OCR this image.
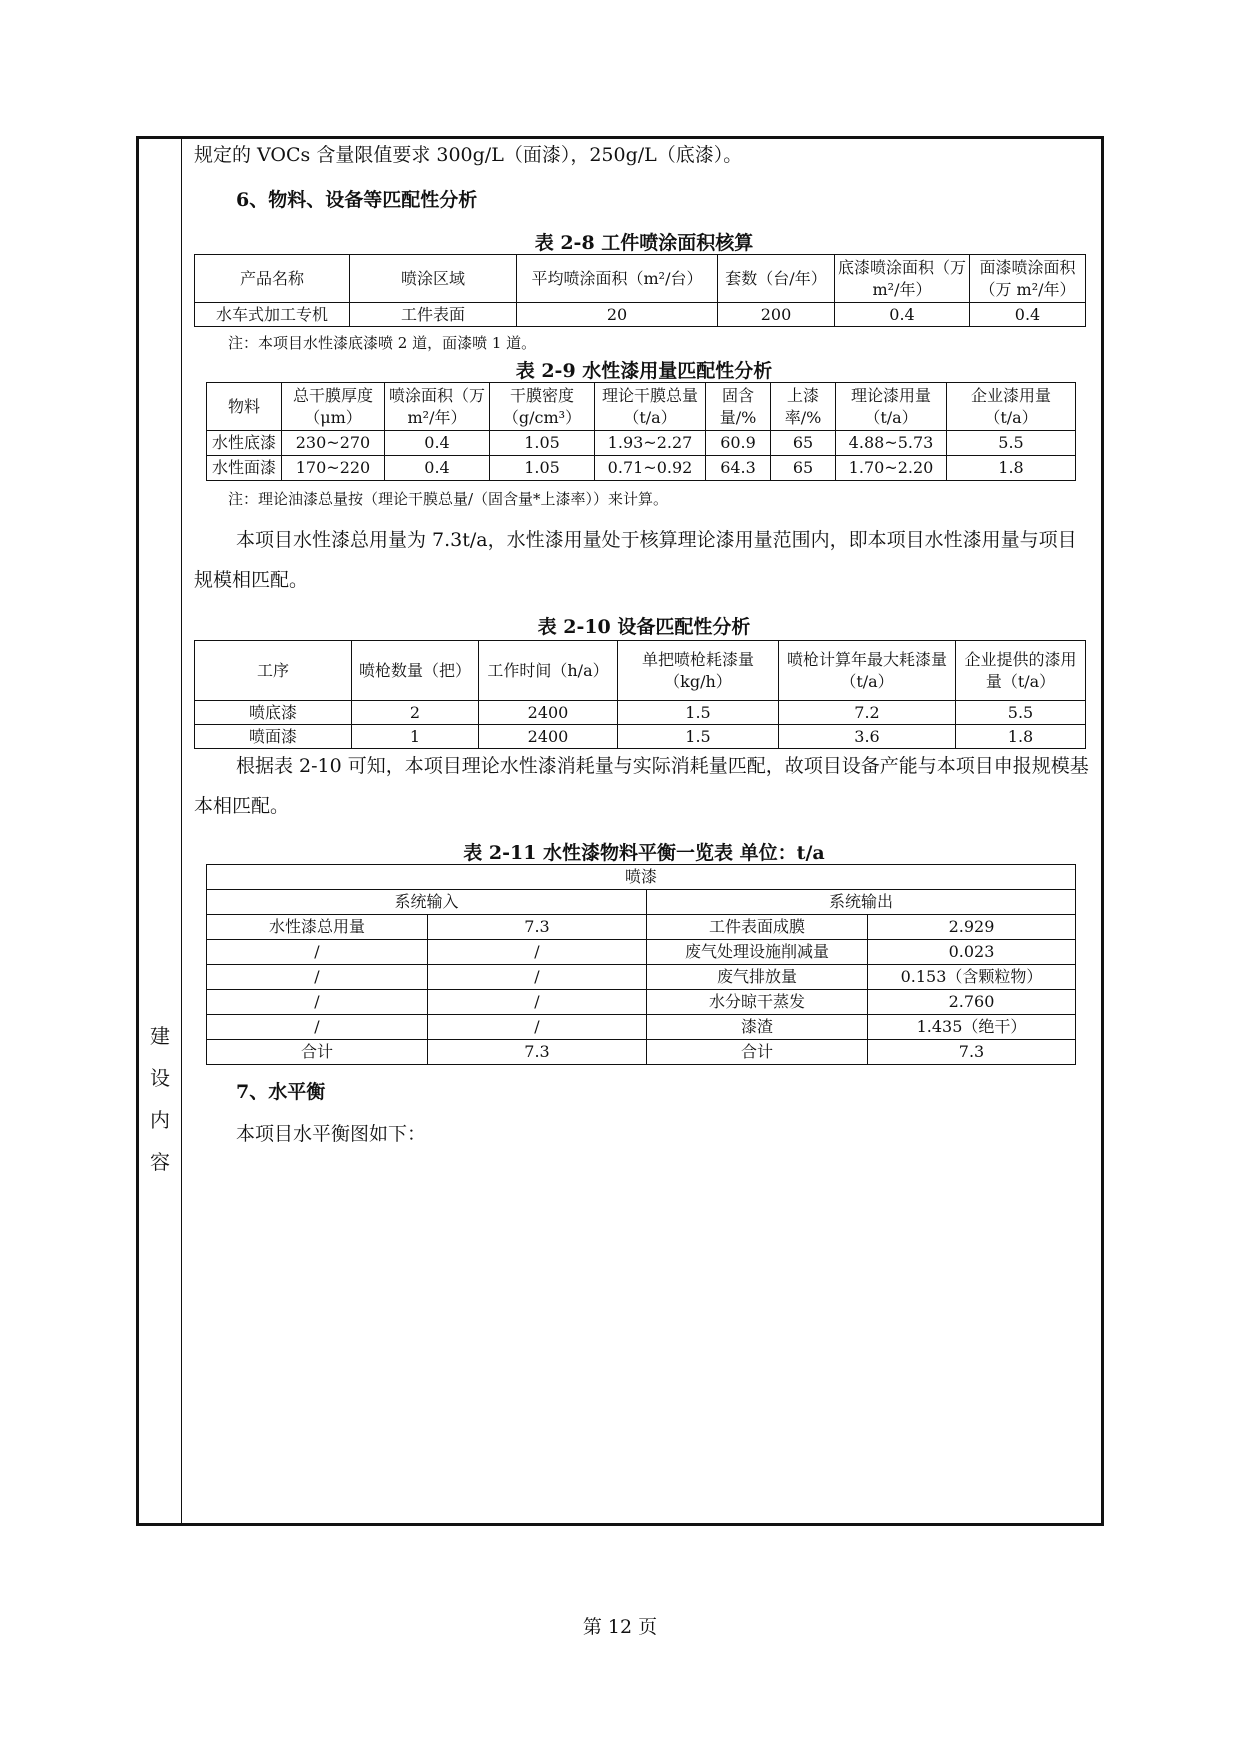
建
设
内
容
规定的 VOCs 含量限值要求 300g/L（面漆），250g/L（底漆）。
6、物料、设备等匹配性分析
表 2-8 工件喷涂面积核算
产品名称	喷涂区域	平均喷涂面积（m²/台）	套数（台/年）	底漆喷涂面积（万 m²/年）	面漆喷涂面积（万 m²/年）
水车式加工专机	工件表面	20	200	0.4	0.4
注：本项目水性漆底漆喷 2 道，面漆喷 1 道。
表 2-9 水性漆用量匹配性分析
物料	总干膜厚度（μm）	喷涂面积（万 m²/年）	干膜密度（g/cm³）	理论干膜总量（t/a）	固含量/%	上漆率/%	理论漆用量（t/a）	企业漆用量（t/a）
水性底漆	230~270	0.4	1.05	1.93~2.27	60.9	65	4.88~5.73	5.5
水性面漆	170~220	0.4	1.05	0.71~0.92	64.3	65	1.70~2.20	1.8
注：理论油漆总量按（理论干膜总量/（固含量*上漆率））来计算。
本项目水性漆总用量为 7.3t/a，水性漆用量处于核算理论漆用量范围内，即本项目水性漆用量与项目规模相匹配。
表 2-10 设备匹配性分析
工序	喷枪数量（把）	工作时间（h/a）	单把喷枪耗漆量（kg/h）	喷枪计算年最大耗漆量（t/a）	企业提供的漆用量（t/a）
喷底漆	2	2400	1.5	7.2	5.5
喷面漆	1	2400	1.5	3.6	1.8
根据表 2-10 可知，本项目理论水性漆消耗量与实际消耗量匹配，故项目设备产能与本项目申报规模基本相匹配。
表 2-11 水性漆物料平衡一览表 单位：t/a
喷漆			
系统输入		系统输出	
水性漆总用量	7.3	工件表面成膜	2.929
/	/	废气处理设施削减量	0.023
/	/	废气排放量	0.153（含颗粒物）
/	/	水分晾干蒸发	2.760
/	/	漆渣	1.435（绝干）
合计	7.3	合计	7.3
7、水平衡
本项目水平衡图如下：
第 12 页
